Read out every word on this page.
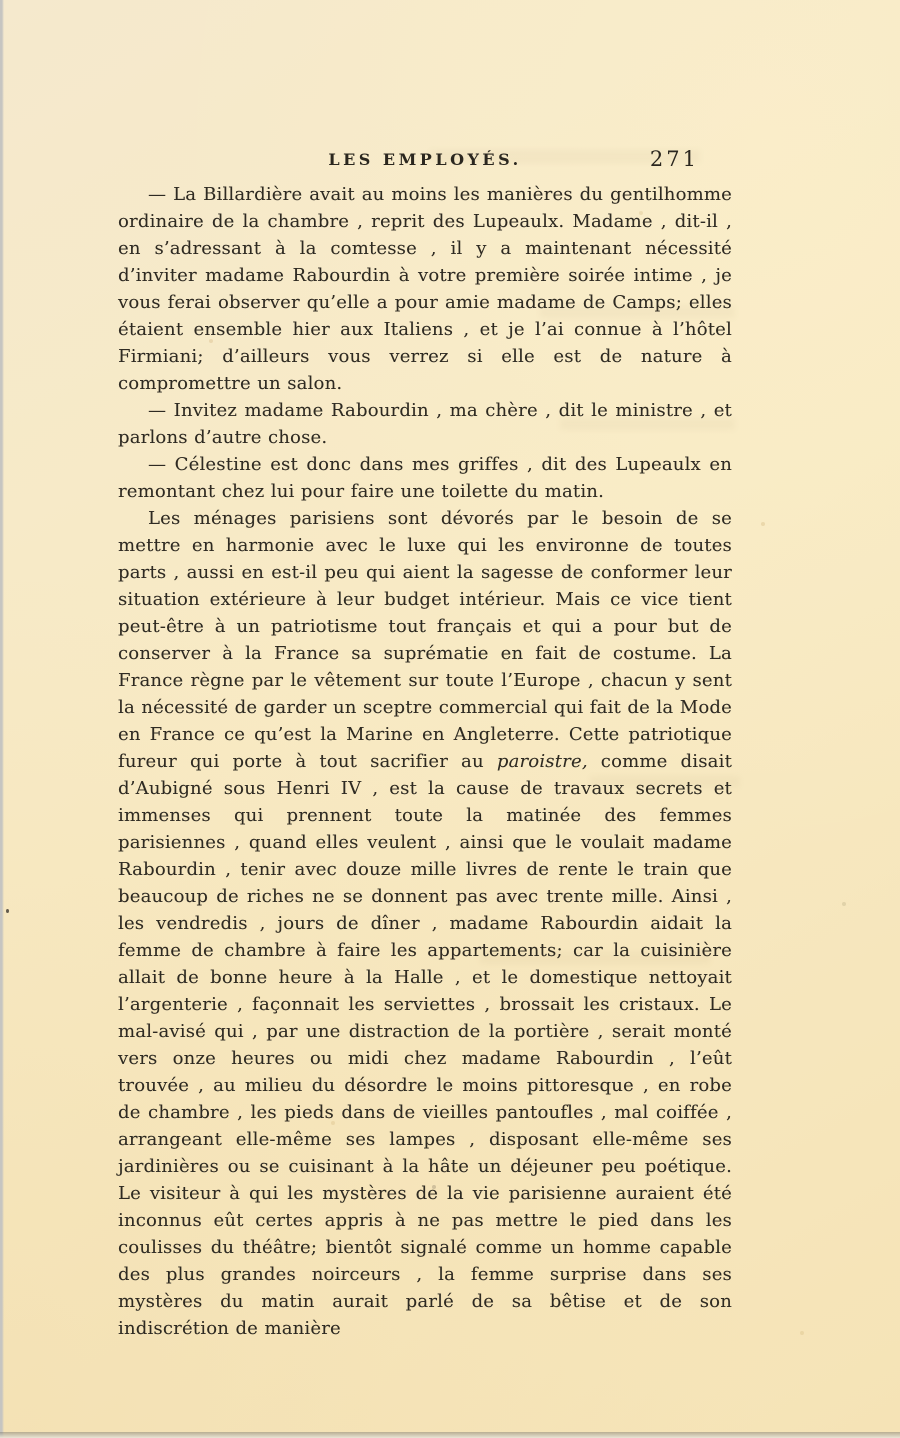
LES EMPLOYÉS.	271

— La Billardière avait au moins les manières du gentilhomme ordinaire de la chambre , reprit des Lupeaulx. Madame , dit-il , en s’adressant à la comtesse , il y a maintenant nécessité d’inviter madame Rabourdin à votre première soirée intime , je vous ferai observer qu’elle a pour amie madame de Camps; elles étaient ensemble hier aux Italiens , et je l’ai connue à l’hôtel Firmiani; d’ailleurs vous verrez si elle est de nature à compromettre un salon.

— Invitez madame Rabourdin , ma chère , dit le ministre , et parlons d’autre chose.

— Célestine est donc dans mes griffes , dit des Lupeaulx en remontant chez lui pour faire une toilette du matin.

Les ménages parisiens sont dévorés par le besoin de se mettre en harmonie avec le luxe qui les environne de toutes parts , aussi en est-il peu qui aient la sagesse de conformer leur situation extérieure à leur budget intérieur. Mais ce vice tient peut-être à un patriotisme tout français et qui a pour but de conserver à la France sa suprématie en fait de costume. La France règne par le vêtement sur toute l’Europe , chacun y sent la nécessité de garder un sceptre commercial qui fait de la Mode en France ce qu’est la Marine en Angleterre. Cette patriotique fureur qui porte à tout sacrifier au paroistre, comme disait d’Aubigné sous Henri IV , est la cause de travaux secrets et immenses qui prennent toute la matinée des femmes parisiennes , quand elles veulent , ainsi que le voulait madame Rabourdin , tenir avec douze mille livres de rente le train que beaucoup de riches ne se donnent pas avec trente mille. Ainsi , les vendredis , jours de dîner , madame Rabourdin aidait la femme de chambre à faire les appartements; car la cuisinière allait de bonne heure à la Halle , et le domestique nettoyait l’argenterie , façonnait les serviettes , brossait les cristaux. Le mal-avisé qui , par une distraction de la portière , serait monté vers onze heures ou midi chez madame Rabourdin , l’eût trouvée , au milieu du désordre le moins pittoresque , en robe de chambre , les pieds dans de vieilles pantoufles , mal coiffée , arrangeant elle-même ses lampes , disposant elle-même ses jardinières ou se cuisinant à la hâte un déjeuner peu poétique. Le visiteur à qui les mystères de la vie parisienne auraient été inconnus eût certes appris à ne pas mettre le pied dans les coulisses du théâtre; bientôt signalé comme un homme capable des plus grandes noirceurs , la femme surprise dans ses mystères du matin aurait parlé de sa bêtise et de son indiscrétion de manière
